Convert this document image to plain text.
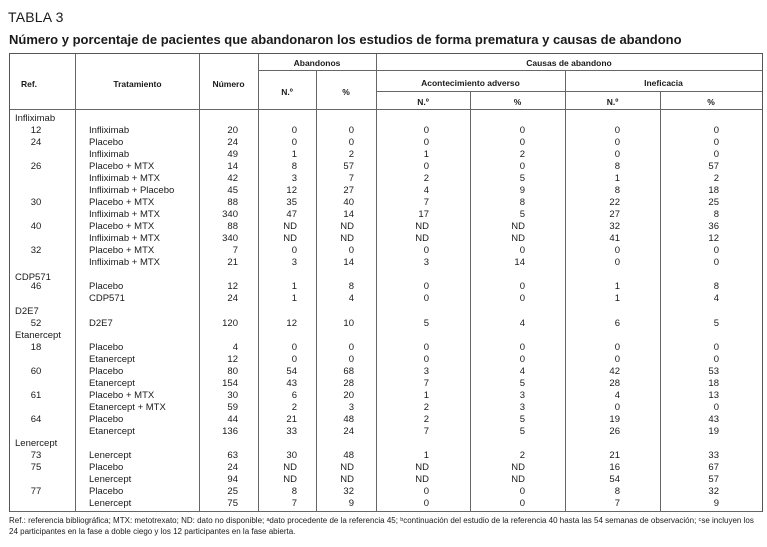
TABLA 3
Número y porcentaje de pacientes que abandonaron los estudios de forma prematura y causas de abandono
Ref.	Tratamiento	Número
Abandonos	Causas de abandono
Acontecimiento adverso	Ineficacia
N.º	%
N.º	%	N.º	%
Infliximab
12	Infliximab	20	0	0	0	0	0	0
24	Placebo	24	0	0	0	0	0	0
Infliximab	49	1	2	1	2	0	0
26	Placebo + MTX	14	8	57	0	0	8	57
Infliximab + MTX	42	3	7	2	5	1	2
Infliximab + Placebo	45	12	27	4	9	8	18
30	Placebo + MTX	88	35	40	7	8	22	25
Infliximab + MTX	340	47	14	17	5	27	8
40	Placebo + MTX	88	ND	ND	ND	ND	32	36
Infliximab + MTX	340	ND	ND	ND	ND	41	12
32	Placebo + MTX	7	0	0	0	0	0	0
Infliximab + MTX	21	3	14	3	14	0	0
CDP571
46	Placebo	12	1	8	0	0	1	8
CDP571	24	1	4	0	0	1	4
D2E7
52	D2E7	120	12	10	5	4	6	5
Etanercept
18	Placebo	4	0	0	0	0	0	0
Etanercept	12	0	0	0	0	0	0
60	Placebo	80	54	68	3	4	42	53
Etanercept	154	43	28	7	5	28	18
61	Placebo + MTX	30	6	20	1	3	4	13
Etanercept + MTX	59	2	3	2	3	0	0
64	Placebo	44	21	48	2	5	19	43
Etanercept	136	33	24	7	5	26	19
Lenercept
73	Lenercept	63	30	48	1	2	21	33
75	Placebo	24	ND	ND	ND	ND	16	67
Lenercept	94	ND	ND	ND	ND	54	57
77	Placebo	25	8	32	0	0	8	32
Lenercept	75	7	9	0	0	7	9
Ref.: referencia bibliográfica; MTX: metotrexato; ND: dato no disponible; ᵃdato procedente de la referencia 45; ᵇcontinuación del estudio de la referencia 40 hasta las 54 semanas de observación; ᶜse incluyen los 24 participantes en la fase a doble ciego y los 12 participantes en la fase abierta.
